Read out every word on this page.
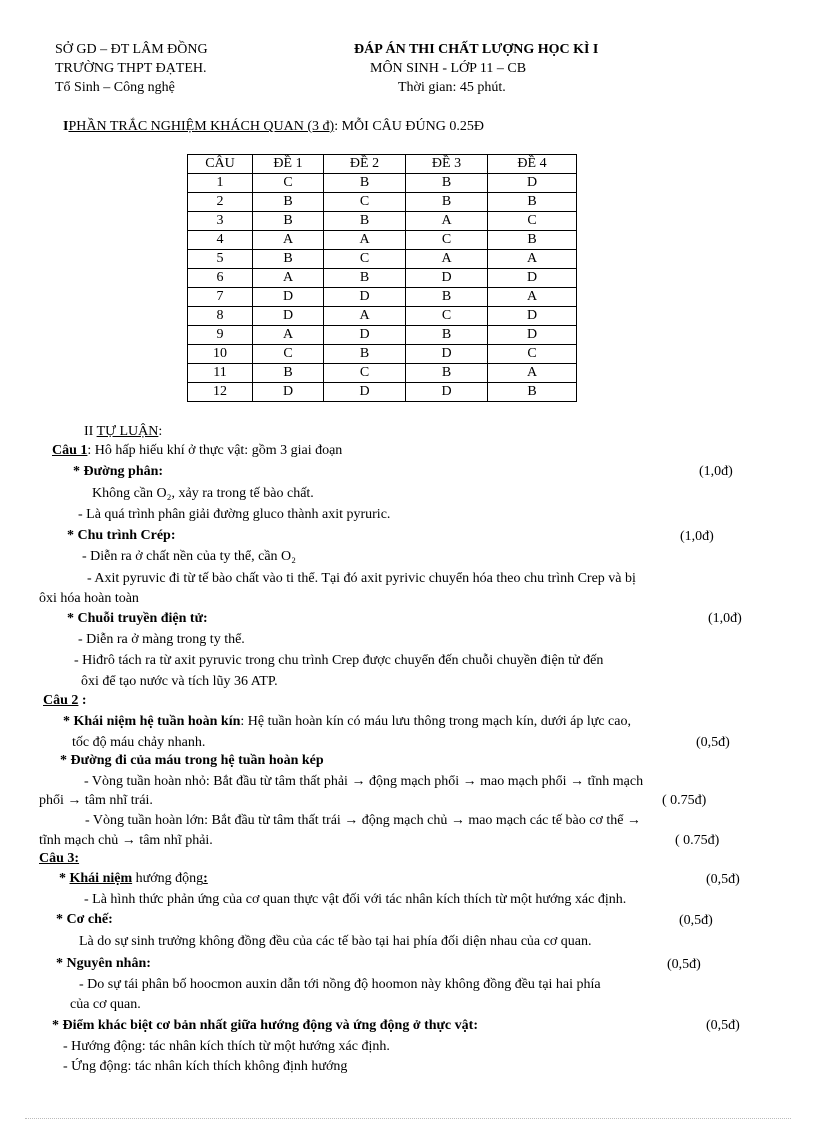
SỞ GD – ĐT LÂM ĐỒNG
TRƯỜNG THPT ĐẠTEH.
Tổ Sinh – Công nghệ
ĐÁP ÁN THI CHẤT LƯỢNG HỌC KÌ I
MÔN SINH - LỚP 11 – CB
Thời gian: 45 phút.
IPHẦN TRẮC NGHIỆM KHÁCH QUAN (3 đ): MỖI CÂU ĐÚNG 0.25Đ
CÂU	ĐỀ 1	ĐỀ 2	ĐỀ 3	ĐỀ 4
1	C	B	B	D
2	B	C	B	B
3	B	B	A	C
4	A	A	C	B
5	B	C	A	A
6	A	B	D	D
7	D	D	B	A
8	D	A	C	D
9	A	D	B	D
10	C	B	D	C
11	B	C	B	A
12	D	D	D	B
II TỰ LUẬN:
Câu 1: Hô hấp hiếu khí ở thực vật: gồm 3 giai đoạn
* Đường phân:	(1,0đ)
Không cần O₂, xảy ra trong tế bào chất.
- Là quá trình phân giải đường gluco thành axit pyruric.
* Chu trình Crép:	(1,0đ)
- Diễn ra ở chất nền của ty thể, cần O₂
- Axit pyruvic đi từ tế bào chất vào ti thể. Tại đó axit pyrivic chuyển hóa theo chu trình Crep và bị
ôxi hóa hoàn toàn
* Chuỗi truyền điện tử:	(1,0đ)
- Diễn ra ở màng trong ty thể.
- Hiđrô tách ra từ axit pyruvic trong chu trình Crep được chuyển đến chuỗi chuyền điện tử đến
ôxi để tạo nước và tích lũy 36 ATP.
Câu 2 :
* Khái niệm hệ tuần hoàn kín: Hệ tuần hoàn kín có máu lưu thông trong mạch kín, dưới áp lực cao,
tốc độ máu chảy nhanh.	(0,5đ)
* Đường đi của máu trong hệ tuần hoàn kép
- Vòng tuần hoàn nhỏ: Bắt đầu từ tâm thất phải → động mạch phổi → mao mạch phổi → tĩnh mạch
phổi → tâm nhĩ trái.	( 0.75đ)
- Vòng tuần hoàn lớn: Bắt đầu từ tâm thất trái → động mạch chủ → mao mạch các tế bào cơ thể →
tĩnh mạch chủ → tâm nhĩ phải.	( 0.75đ)
Câu 3:
* Khái niệm hướng động:	(0,5đ)
- Là hình thức phản ứng của cơ quan thực vật đối với tác nhân kích thích từ một hướng xác định.
* Cơ chế:	(0,5đ)
Là do sự sinh trưởng không đồng đều của các tế bào tại hai phía đối diện nhau của cơ quan.
* Nguyên nhân:	(0,5đ)
- Do sự tái phân bố hoocmon auxin dẫn tới nồng độ hoomon này không đồng đều tại hai phía
của cơ quan.
* Điểm khác biệt cơ bản nhất giữa hướng động và ứng động ở thực vật:	(0,5đ)
- Hướng động: tác nhân kích thích từ một hướng xác định.
- Ứng động: tác nhân kích thích không định hướng
